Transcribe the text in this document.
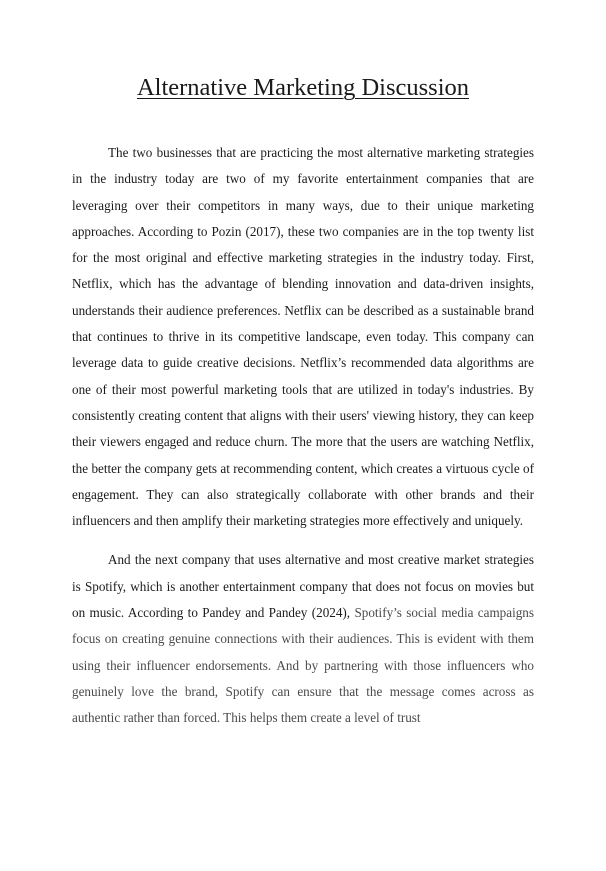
Alternative Marketing Discussion

The two businesses that are practicing the most alternative marketing strategies in the industry today are two of my favorite entertainment companies that are leveraging over their competitors in many ways, due to their unique marketing approaches. According to Pozin (2017), these two companies are in the top twenty list for the most original and effective marketing strategies in the industry today. First, Netflix, which has the advantage of blending innovation and data-driven insights, understands their audience preferences. Netflix can be described as a sustainable brand that continues to thrive in its competitive landscape, even today. This company can leverage data to guide creative decisions. Netflix’s recommended data algorithms are one of their most powerful marketing tools that are utilized in today's industries. By consistently creating content that aligns with their users' viewing history, they can keep their viewers engaged and reduce churn. The more that the users are watching Netflix, the better the company gets at recommending content, which creates a virtuous cycle of engagement. They can also strategically collaborate with other brands and their influencers and then amplify their marketing strategies more effectively and uniquely.

And the next company that uses alternative and most creative market strategies is Spotify, which is another entertainment company that does not focus on movies but on music. According to Pandey and Pandey (2024), Spotify’s social media campaigns focus on creating genuine connections with their audiences. This is evident with them using their influencer endorsements. And by partnering with those influencers who genuinely love the brand, Spotify can ensure that the message comes across as authentic rather than forced. This helps them create a level of trust
